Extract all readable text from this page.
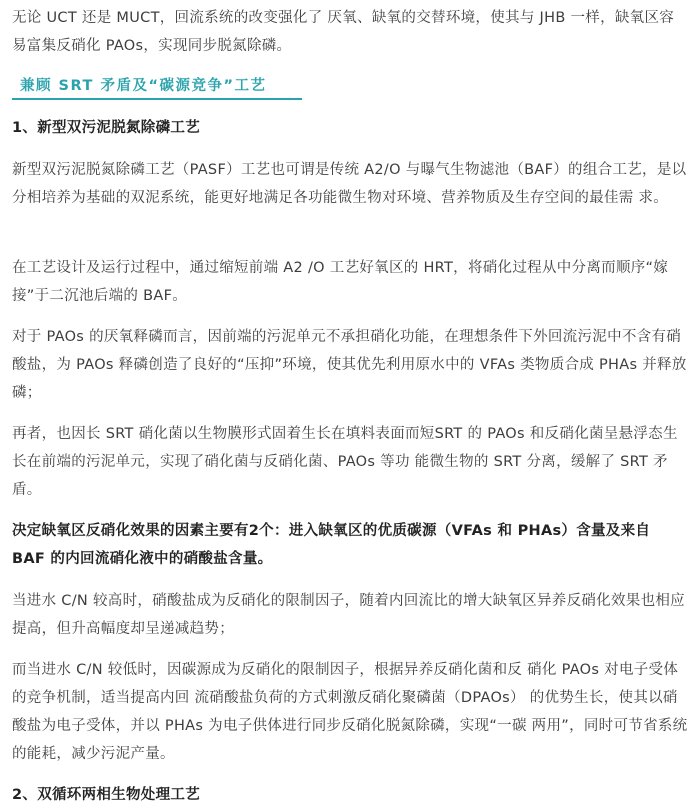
无论 UCT 还是 MUCT，回流系统的改变强化了 厌氧、缺氧的交替环境，使其与 JHB 一样，缺氧区容易富集反硝化 PAOs，实现同步脱氮除磷。

兼顾 SRT 矛盾及“碳源竞争”工艺

1、新型双污泥脱氮除磷工艺

新型双污泥脱氮除磷工艺（PASF）工艺也可谓是传统 A2/O 与曝气生物滤池（BAF）的组合工艺，是以分相培养为基础的双泥系统，能更好地满足各功能微生物对环境、营养物质及生存空间的最佳需 求。

在工艺设计及运行过程中，通过缩短前端 A2 /O 工艺好氧区的 HRT，将硝化过程从中分离而顺序“嫁接”于二沉池后端的 BAF。

对于 PAOs 的厌氧释磷而言，因前端的污泥单元不承担硝化功能，在理想条件下外回流污泥中不含有硝酸盐，为 PAOs 释磷创造了良好的“压抑”环境，使其优先利用原水中的 VFAs 类物质合成 PHAs 并释放磷；

再者，也因长 SRT 硝化菌以生物膜形式固着生长在填料表面而短SRT 的 PAOs 和反硝化菌呈悬浮态生长在前端的污泥单元，实现了硝化菌与反硝化菌、PAOs 等功 能微生物的 SRT 分离，缓解了 SRT 矛盾。

决定缺氧区反硝化效果的因素主要有2个：进入缺氧区的优质碳源（VFAs 和 PHAs）含量及来自 BAF 的内回流硝化液中的硝酸盐含量。

当进水 C/N 较高时，硝酸盐成为反硝化的限制因子，随着内回流比的增大缺氧区异养反硝化效果也相应提高，但升高幅度却呈递减趋势；

而当进水 C/N 较低时，因碳源成为反硝化的限制因子，根据异养反硝化菌和反 硝化 PAOs 对电子受体的竞争机制，适当提高内回 流硝酸盐负荷的方式刺激反硝化聚磷菌（DPAOs） 的优势生长，使其以硝酸盐为电子受体，并以 PHAs 为电子供体进行同步反硝化脱氮除磷，实现“一碳 两用”，同时可节省系统的能耗，减少污泥产量。

2、双循环两相生物处理工艺
